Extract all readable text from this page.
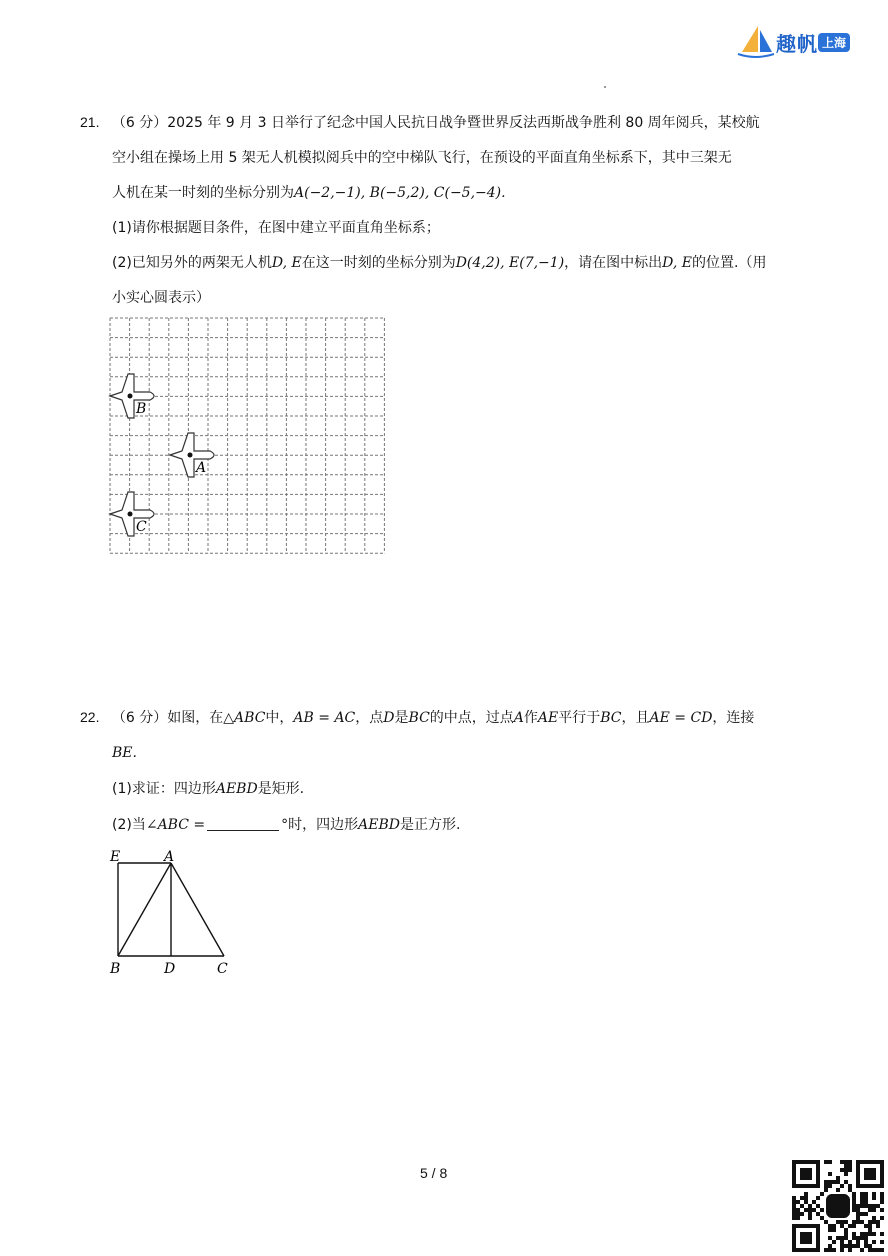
趣帆 上海
21. （6 分）2025 年 9 月 3 日举行了纪念中国人民抗日战争暨世界反法西斯战争胜利 80 周年阅兵，某校航
空小组在操场上用 5 架无人机模拟阅兵中的空中梯队飞行，在预设的平面直角坐标系下，其中三架无
人机在某一时刻的坐标分别为A(−2,−1), B(−5,2), C(−5,−4).
(1)请你根据题目条件，在图中建立平面直角坐标系；
(2)已知另外的两架无人机D, E在这一时刻的坐标分别为D(4,2), E(7,−1)，请在图中标出D, E的位置.（用
小实心圆表示）
B
A
C
22. （6 分）如图，在△ABC中，AB = AC，点D是BC的中点，过点A作AE平行于BC，且AE = CD，连接
BE.
(1)求证：四边形AEBD是矩形.
(2)当∠ABC =	°时，四边形AEBD是正方形.
E	A
B	D	C
5 / 8
